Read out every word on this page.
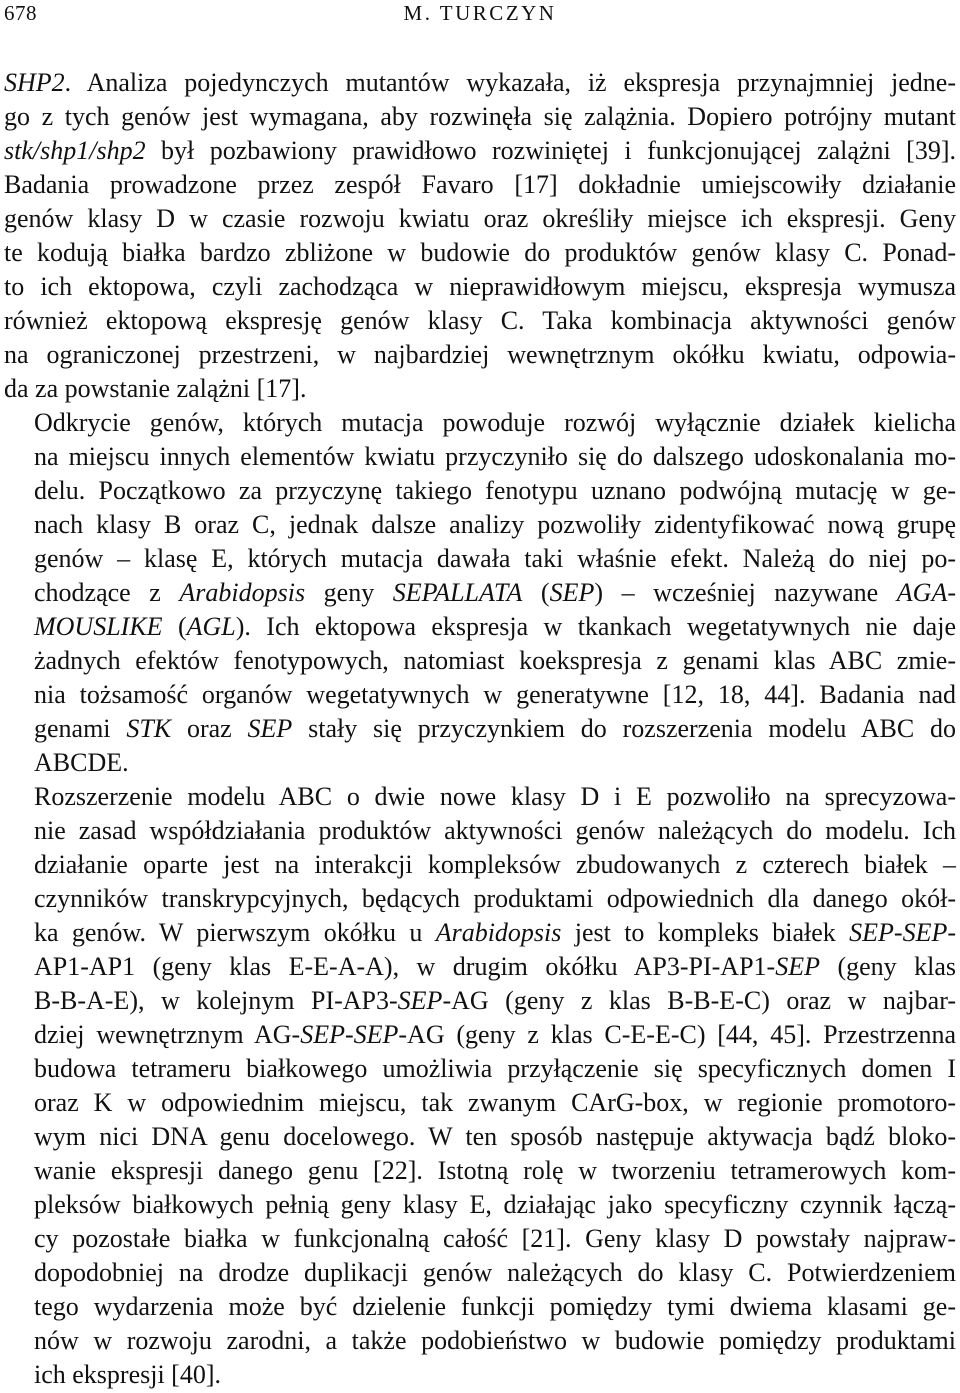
678	M. TURCZYN

SHP2. Analiza pojedynczych mutantów wykazała, iż ekspresja przynajmniej jedne-
go z tych genów jest wymagana, aby rozwinęła się zalążnia. Dopiero potrójny mutant
stk/shp1/shp2 był pozbawiony prawidłowo rozwiniętej i funkcjonującej zalążni [39].
Badania prowadzone przez zespół Favaro [17] dokładnie umiejscowiły działanie
genów klasy D w czasie rozwoju kwiatu oraz określiły miejsce ich ekspresji. Geny
te kodują białka bardzo zbliżone w budowie do produktów genów klasy C. Ponad-
to ich ektopowa, czyli zachodząca w nieprawidłowym miejscu, ekspresja wymusza
również ektopową ekspresję genów klasy C. Taka kombinacja aktywności genów
na ograniczonej przestrzeni, w najbardziej wewnętrznym okółku kwiatu, odpowia-
da za powstanie zalążni [17].

Odkrycie genów, których mutacja powoduje rozwój wyłącznie działek kielicha
na miejscu innych elementów kwiatu przyczyniło się do dalszego udoskonalania mo-
delu. Początkowo za przyczynę takiego fenotypu uznano podwójną mutację w ge-
nach klasy B oraz C, jednak dalsze analizy pozwoliły zidentyfikować nową grupę
genów – klasę E, których mutacja dawała taki właśnie efekt. Należą do niej po-
chodzące z Arabidopsis geny SEPALLATA (SEP) – wcześniej nazywane AGA-
MOUSLIKE (AGL). Ich ektopowa ekspresja w tkankach wegetatywnych nie daje
żadnych efektów fenotypowych, natomiast koekspresja z genami klas ABC zmie-
nia tożsamość organów wegetatywnych w generatywne [12, 18, 44]. Badania nad
genami STK oraz SEP stały się przyczynkiem do rozszerzenia modelu ABC do
ABCDE.

Rozszerzenie modelu ABC o dwie nowe klasy D i E pozwoliło na sprecyzowa-
nie zasad współdziałania produktów aktywności genów należących do modelu. Ich
działanie oparte jest na interakcji kompleksów zbudowanych z czterech białek –
czynników transkrypcyjnych, będących produktami odpowiednich dla danego okół-
ka genów. W pierwszym okółku u Arabidopsis jest to kompleks białek SEP-SEP-
AP1-AP1 (geny klas E-E-A-A), w drugim okółku AP3-PI-AP1-SEP (geny klas
B-B-A-E), w kolejnym PI-AP3-SEP-AG (geny z klas B-B-E-C) oraz w najbar-
dziej wewnętrznym AG-SEP-SEP-AG (geny z klas C-E-E-C) [44, 45]. Przestrzenna
budowa tetrameru białkowego umożliwia przyłączenie się specyficznych domen I
oraz K w odpowiednim miejscu, tak zwanym CArG-box, w regionie promotoro-
wym nici DNA genu docelowego. W ten sposób następuje aktywacja bądź bloko-
wanie ekspresji danego genu [22]. Istotną rolę w tworzeniu tetramerowych kom-
pleksów białkowych pełnią geny klasy E, działając jako specyficzny czynnik łączą-
cy pozostałe białka w funkcjonalną całość [21]. Geny klasy D powstały najpraw-
dopodobniej na drodze duplikacji genów należących do klasy C. Potwierdzeniem
tego wydarzenia może być dzielenie funkcji pomiędzy tymi dwiema klasami ge-
nów w rozwoju zarodni, a także podobieństwo w budowie pomiędzy produktami
ich ekspresji [40].
